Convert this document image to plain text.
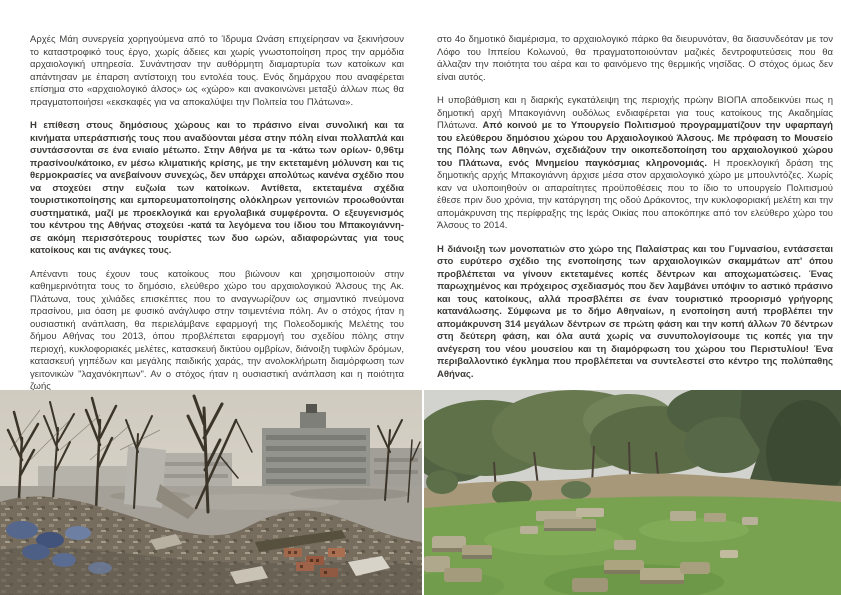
Αρχές Μάη συνεργεία χορηγούμενα από το Ίδρυμα Ωνάση επιχείρησαν να ξεκινήσουν το καταστροφικό τους έργο, χωρίς άδειες και χωρίς γνωστοποίηση προς την αρμόδια αρχαιολογική υπηρεσία. Συνάντησαν την αυθόρμητη διαμαρτυρία των κατοίκων και απάντησαν με έπαρση αντίστοιχη του εντολέα τους. Ενός δημάρχου που αναφέρεται επίσημα στο «αρχαιολογικό άλσος» ως «χώρο» και ανακοινώνει μεταξύ άλλων πως θα πραγματοποιήσει «εκσκαφές για να αποκαλύψει την Πολιτεία του Πλάτωνα».

Η επίθεση στους δημόσιους χώρους και το πράσινο είναι συνολική και τα κινήματα υπεράσπισής τους που αναδύονται μέσα στην πόλη είναι πολλαπλά και συντάσσονται σε ένα ενιαίο μέτωπο. Στην Αθήνα με τα -κάτω των ορίων- 0,96τμ πρασίνου/κάτοικο, εν μέσω κλιματικής κρίσης, με την εκτεταμένη μόλυνση και τις θερμοκρασίες να ανεβαίνουν συνεχώς, δεν υπάρχει απολύτως κανένα σχέδιο που να στοχεύει στην ευζωία των κατοίκων. Αντίθετα, εκτεταμένα σχέδια τουριστικοποίησης και εμπορευματοποίησης ολόκληρων γειτονιών προωθούνται συστηματικά, μαζί με προεκλογικά και εργολαβικά συμφέροντα. Ο εξευγενισμός του κέντρου της Αθήνας στοχεύει -κατά τα λεγόμενα του ίδιου του Μπακογιάννη- σε ακόμη περισσότερους τουρίστες των δυο ωρών, αδιαφορώντας για τους κατοίκους και τις ανάγκες τους.

Απέναντι τους έχουν τους κατοίκους που βιώνουν και χρησιμοποιούν στην καθημερινότητα τους το δημόσιο, ελεύθερο χώρο του αρχαιολογικού Άλσους της Ακ. Πλάτωνα, τους χιλιάδες επισκέπτες που το αναγνωρίζουν ως σημαντικό πνεύμονα πρασίνου, μια όαση με φυσικό ανάγλυφο στην τσιμεντένια πόλη. Αν ο στόχος ήταν η ουσιαστική ανάπλαση, θα περιελάμβανε εφαρμογή της Πολεοδομικής Μελέτης του δήμου Αθήνας του 2013, όπου προβλέπεται εφαρμογή του σχεδίου πόλης στην περιοχή, κυκλοφοριακές μελέτες, κατασκευή δικτύου ομβρίων, διάνοιξη τυφλών δρόμων, κατασκευή γηπέδων και μεγάλης παιδικής χαράς, την ανολοκλήρωτη διαμόρφωση των γειτονικών "λαχανόκηπων". Αν ο στόχος ήταν η ουσιαστική ανάπλαση και η ποιότητα ζωής

στο 4ο δημοτικό διαμέρισμα, το αρχαιολογικό πάρκο θα διευρυνόταν, θα διασυνδεόταν με τον Λόφο του Ιππείου Κολωνού, θα πραγματοποιούνταν μαζικές δεντροφυτεύσεις που θα άλλαζαν την ποιότητα του αέρα και το φαινόμενο της θερμικής νησίδας. Ο στόχος όμως δεν είναι αυτός.

Η υποβάθμιση και η διαρκής εγκατάλειψη της περιοχής πρώην ΒΙΟΠΑ αποδεικνύει πως η δημοτική αρχή Μπακογιάννη ουδόλως ενδιαφέρεται για τους κατοίκους της Ακαδημίας Πλάτωνα. Από κοινού με το Υπουργείο Πολιτισμού προγραμματίζουν την υφαρπαγή του ελεύθερου δημόσιου χώρου του Αρχαιολογικού Άλσους. Με πρόφαση το Μουσείο της Πόλης των Αθηνών, σχεδιάζουν την οικοπεδοποίηση του αρχαιολογικού χώρου του Πλάτωνα, ενός Μνημείου παγκόσμιας κληρονομιάς. Η προεκλογική δράση της δημοτικής αρχής Μπακογιάννη άρχισε μέσα στον αρχαιολογικό χώρο με μπουλντόζες. Χωρίς καν να υλοποιηθούν οι απαραίτητες προϋποθέσεις που το ίδιο το υπουργείο Πολιτισμού έθεσε πριν δυο χρόνια, την κατάργηση της οδού Δράκοντος, την κυκλοφοριακή μελέτη και την απομάκρυνση της περίφραξης της Ιεράς Οικίας που αποκόπηκε από τον ελεύθερο χώρο του Άλσους το 2014.

Η διάνοιξη των μονοπατιών στο χώρο της Παλαίστρας και του Γυμνασίου, εντάσσεται στο ευρύτερο σχέδιο της ενοποίησης των αρχαιολογικών σκαμμάτων απ' όπου προβλέπεται να γίνουν εκτεταμένες κοπές δέντρων και αποχωματώσεις. Ένας παρωχημένος και πρόχειρος σχεδιασμός που δεν λαμβάνει υπόψιν το αστικό πράσινο και τους κατοίκους, αλλά προσβλέπει σε έναν τουριστικό προορισμό γρήγορης κατανάλωσης. Σύμφωνα με το δήμο Αθηναίων, η ενοποίηση αυτή προβλέπει την απομάκρυνση 314 μεγάλων δέντρων σε πρώτη φάση και την κοπή άλλων 70 δέντρων στη δεύτερη φάση, και όλα αυτά χωρίς να συνυπολογίσουμε τις κοπές για την ανέγερση του νέου μουσείου και τη διαμόρφωση του χώρου του Περιστυλίου! Ένα περιβαλλοντικό έγκλημα που προβλέπεται να συντελεστεί στο κέντρο της πολύπαθης Αθήνας.
